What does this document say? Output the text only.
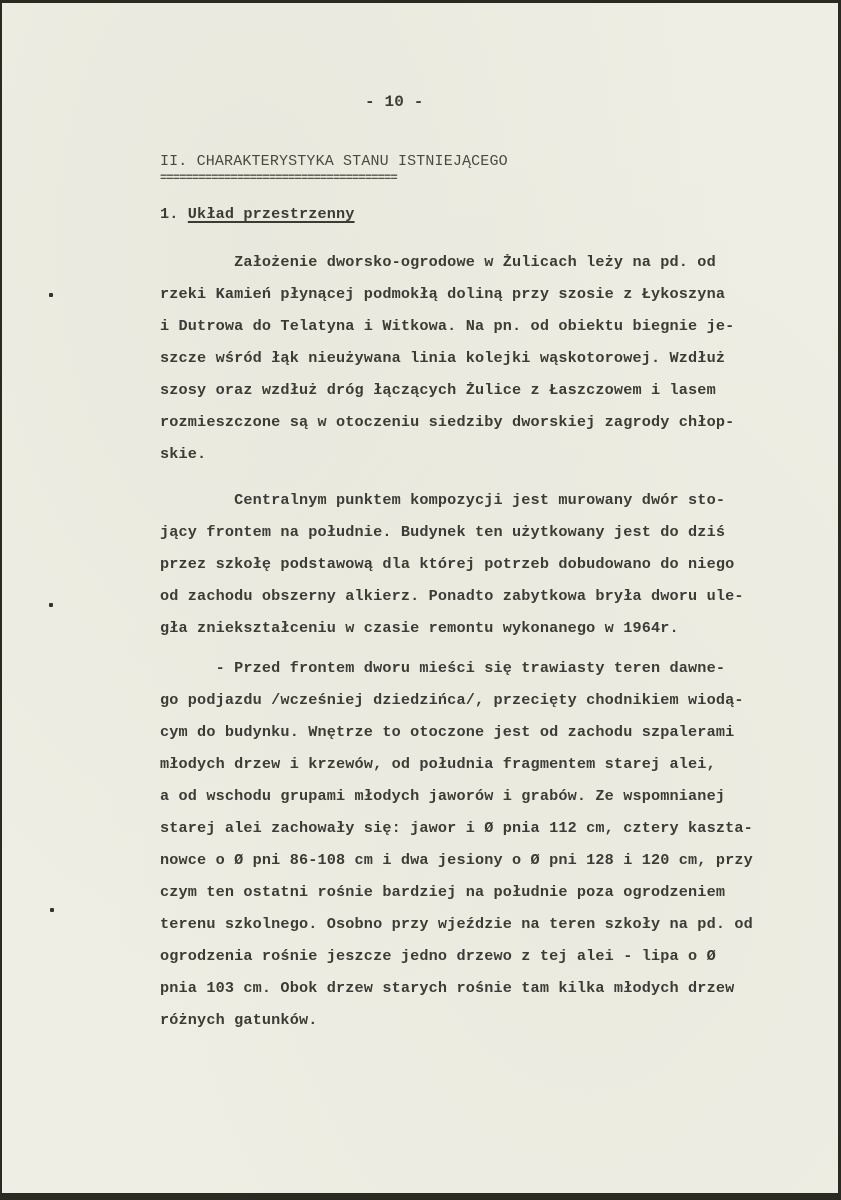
- 10 -
II. CHARAKTERYSTYKA STANU ISTNIEJĄCEGO
=====================================
1. Układ przestrzenny
Założenie dworsko-ogrodowe w Żulicach leży na pd. od
rzeki Kamień płynącej podmokłą doliną przy szosie z Łykoszyna
i Dutrowa do Telatyna i Witkowa. Na pn. od obiektu biegnie je-
szcze wśród łąk nieużywana linia kolejki wąskotorowej. Wzdłuż
szosy oraz wzdłuż dróg łączących Żulice z Łaszczowem i lasem
rozmieszczone są w otoczeniu siedziby dworskiej zagrody chłop-
skie.
Centralnym punktem kompozycji jest murowany dwór sto-
jący frontem na południe. Budynek ten użytkowany jest do dziś
przez szkołę podstawową dla której potrzeb dobudowano do niego
od zachodu obszerny alkierz. Ponadto zabytkowa bryła dworu ule-
gła zniekształceniu w czasie remontu wykonanego w 1964r.
- Przed frontem dworu mieści się trawiasty teren dawne-
go podjazdu /wcześniej dziedzińca/, przecięty chodnikiem wiodą-
cym do budynku. Wnętrze to otoczone jest od zachodu szpalerami
młodych drzew i krzewów, od południa fragmentem starej alei,
a od wschodu grupami młodych jaworów i grabów. Ze wspomnianej
starej alei zachowały się: jawor i Ø pnia 112 cm, cztery kaszta-
nowce o Ø pni 86-108 cm i dwa jesiony o Ø pni 128 i 120 cm, przy
czym ten ostatni rośnie bardziej na południe poza ogrodzeniem
terenu szkolnego. Osobno przy wjeździe na teren szkoły na pd. od
ogrodzenia rośnie jeszcze jedno drzewo z tej alei - lipa o Ø
pnia 103 cm. Obok drzew starych rośnie tam kilka młodych drzew
różnych gatunków.
